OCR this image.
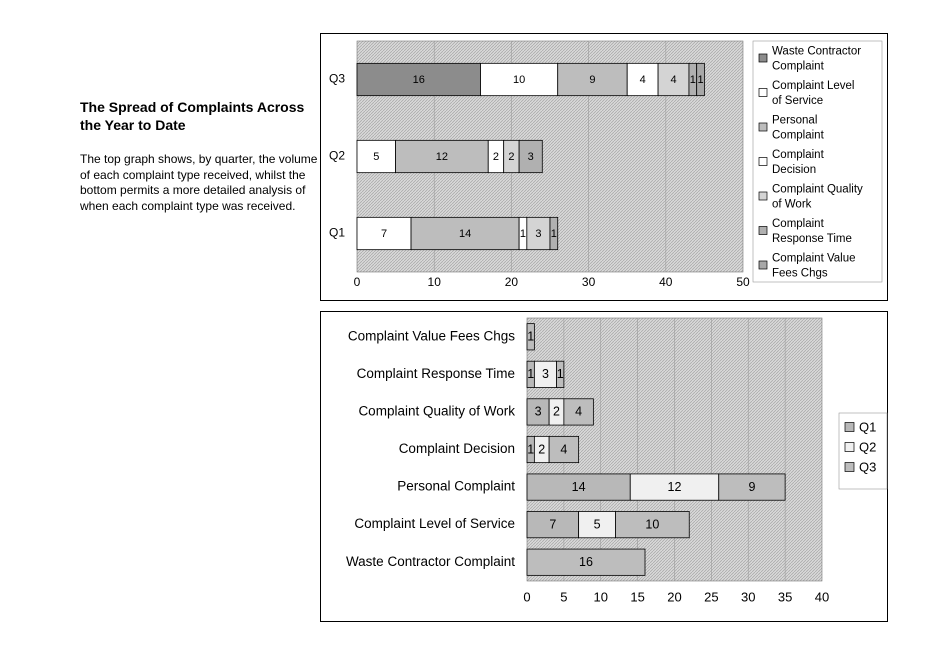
The Spread of Complaints Across the Year to Date

The top graph shows, by quarter, the volume of each complaint type received, whilst the bottom permits a more detailed analysis of when each complaint type was received.

Q1	7	14	1 3 1
Q2	5	12	2 2 3
Q3	16	10	9	4 4 1 1
0	10	20	30	40	50
Waste Contractor Complaint
Complaint Level of Service
Personal Complaint
Complaint Decision
Complaint Quality of Work
Complaint Response Time
Complaint Value Fees Chgs
Waste Contractor Complaint	16
Complaint Level of Service	7	5	10
Personal Complaint	14	12	9
Complaint Decision 1 2 4
Complaint Quality of Work 3 2 4
Complaint Response Time 1 3 1
Complaint Value Fees Chgs 1
0 5 10 15 20 25 30 35 40
Q1
Q2
Q3
